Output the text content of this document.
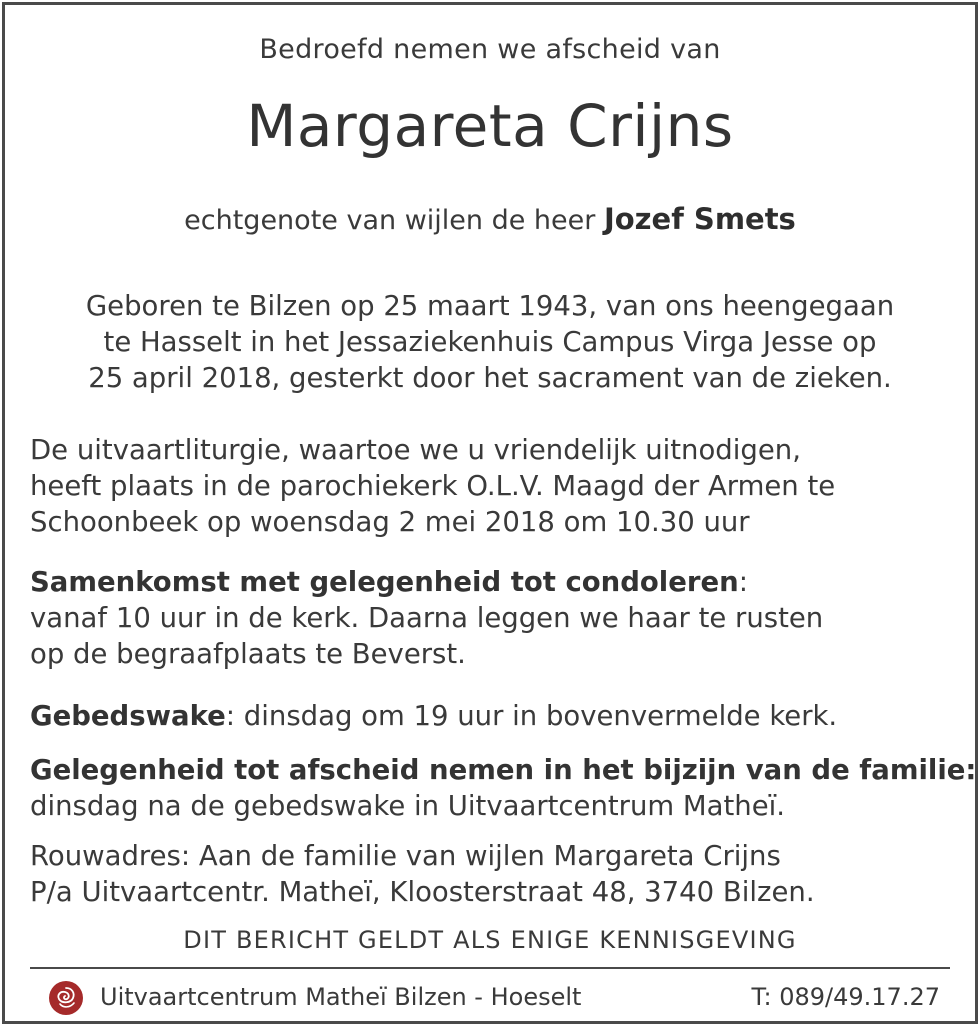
Bedroefd nemen we afscheid van
Margareta Crijns
echtgenote van wijlen de heer Jozef Smets
Geboren te Bilzen op 25 maart 1943, van ons heengegaan
te Hasselt in het Jessaziekenhuis Campus Virga Jesse op
25 april 2018, gesterkt door het sacrament van de zieken.
De uitvaartliturgie, waartoe we u vriendelijk uitnodigen,
heeft plaats in de parochiekerk O.L.V. Maagd der Armen te
Schoonbeek op woensdag 2 mei 2018 om 10.30 uur
Samenkomst met gelegenheid tot condoleren:
vanaf 10 uur in de kerk. Daarna leggen we haar te rusten
op de begraafplaats te Beverst.
Gebedswake: dinsdag om 19 uur in bovenvermelde kerk.
Gelegenheid tot afscheid nemen in het bijzijn van de familie:
dinsdag na de gebedswake in Uitvaartcentrum Matheï.
Rouwadres: Aan de familie van wijlen Margareta Crijns
P/a Uitvaartcentr. Matheï, Kloosterstraat 48, 3740 Bilzen.
DIT BERICHT GELDT ALS ENIGE KENNISGEVING
Uitvaartcentrum Matheï Bilzen - Hoeselt	T: 089/49.17.27
